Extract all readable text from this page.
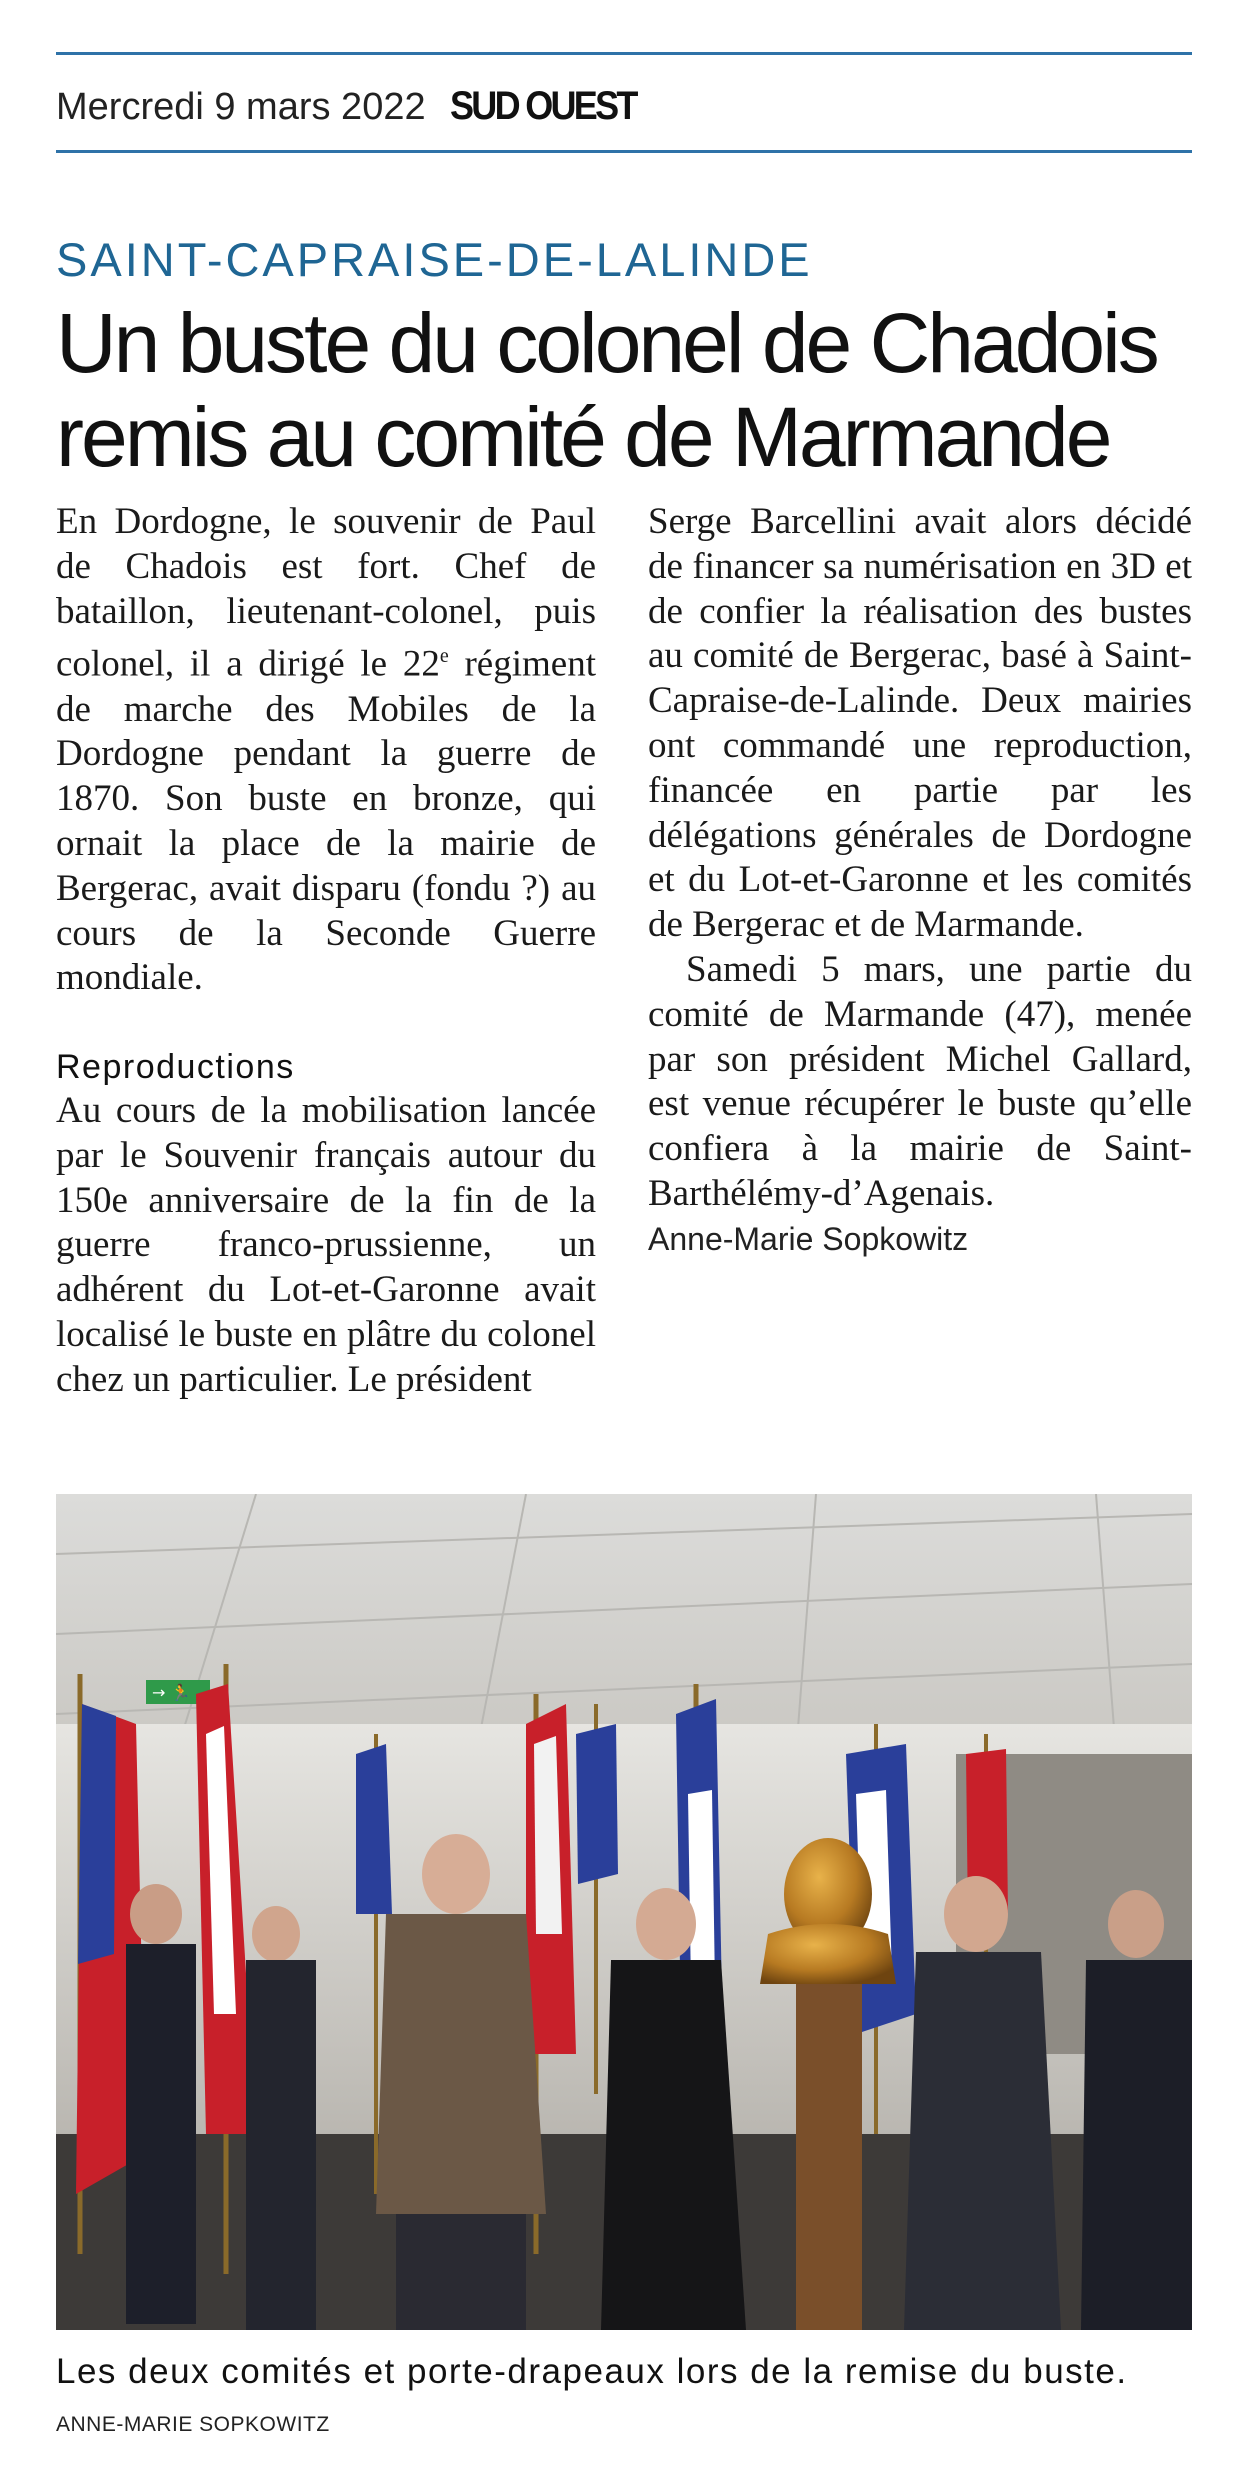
Mercredi 9 mars 2022 SUD OUEST
SAINT-CAPRAISE-DE-LALINDE
Un buste du colonel de Chadois
remis au comité de Marmande

En Dordogne, le souvenir de Paul de Chadois est fort. Chef de bataillon, lieutenant-colonel, puis colonel, il a dirigé le 22e régiment de marche des Mobiles de la Dordogne pendant la guerre de 1870. Son buste en bronze, qui ornait la place de la mairie de Bergerac, avait disparu (fondu ?) au cours de la Seconde Guerre mondiale.

Reproductions

Au cours de la mobilisation lancée par le Souvenir français autour du 150e anniversaire de la fin de la guerre franco-prussienne, un adhérent du Lot-et-Garonne avait localisé le buste en plâtre du colonel chez un particulier. Le président

Serge Barcellini avait alors décidé de financer sa numérisation en 3D et de confier la réalisation des bustes au comité de Bergerac, basé à Saint-Capraise-de-Lalinde. Deux mairies ont commandé une reproduction, financée en partie par les délégations générales de Dordogne et du Lot-et-Garonne et les comités de Bergerac et de Marmande.

Samedi 5 mars, une partie du comité de Marmande (47), menée par son président Michel Gallard, est venue récupérer le buste qu’elle confiera à la mairie de Saint-Barthélémy-d’Agenais.

Anne-Marie Sopkowitz
→ 🏃
Les deux comités et porte-drapeaux lors de la remise du buste. ANNE-MARIE SOPKOWITZ
